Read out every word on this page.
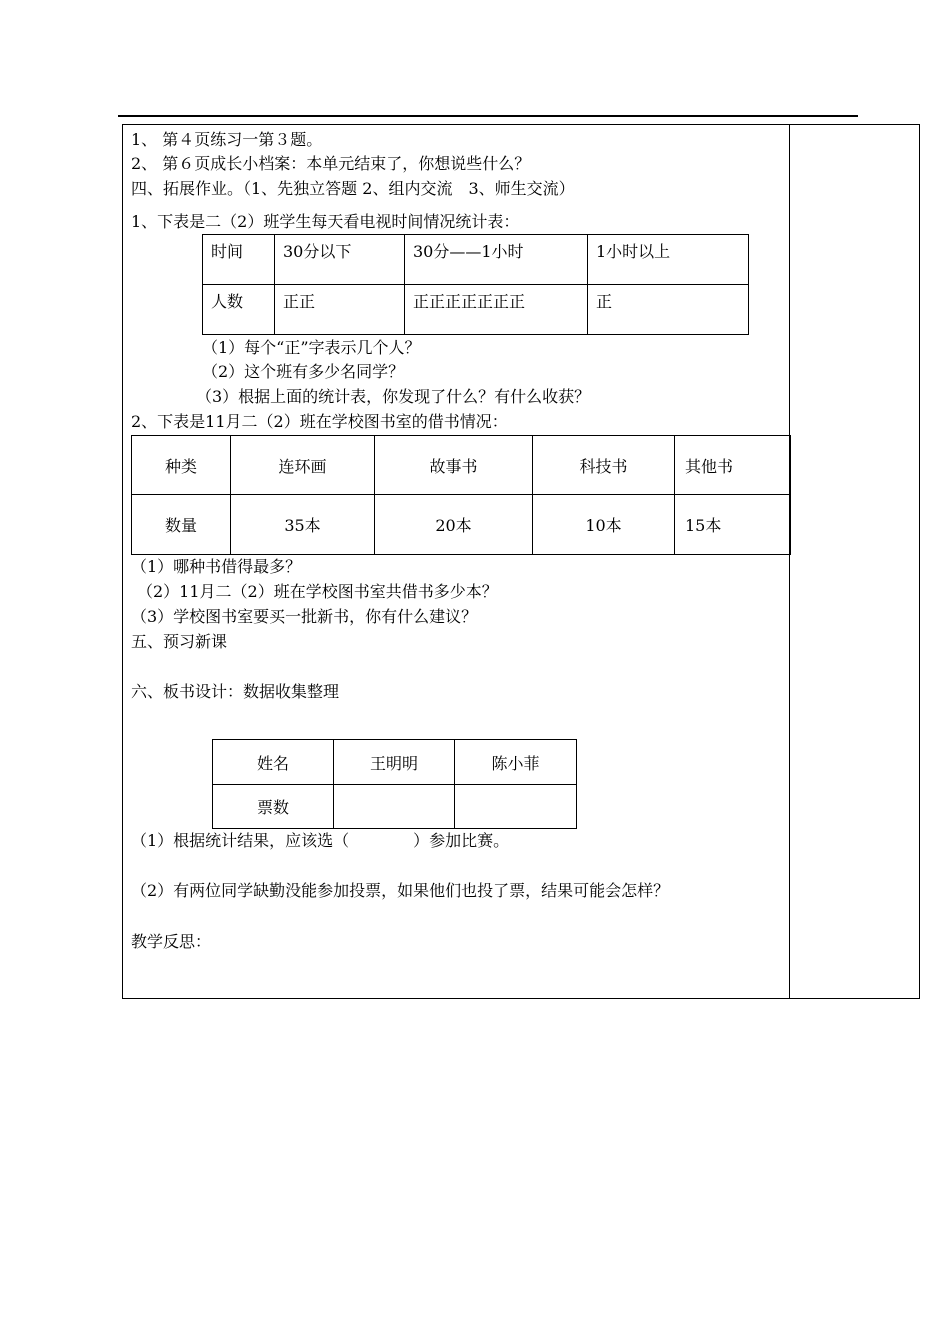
1、 第４页练习一第３题。
2、 第６页成长小档案：本单元结束了，你想说些什么？
四、拓展作业。（1、先独立答题 2、组内交流　3、师生交流）
1、下表是二（2）班学生每天看电视时间情况统计表：
时间	30分以下	30分——1小时	1小时以上
人数	正正	正正正正正正正	正
（1）每个“正”字表示几个人？
（2）这个班有多少名同学？
（3）根据上面的统计表，你发现了什么？有什么收获？
2、下表是11月二（2）班在学校图书室的借书情况：
种类	连环画	故事书	科技书	其他书
数量	35本	20本	10本	15本
（1）哪种书借得最多？
（2）11月二（2）班在学校图书室共借书多少本？
（3）学校图书室要买一批新书，你有什么建议？
五、预习新课
六、板书设计：数据收集整理
姓名	王明明	陈小菲
票数		
（1）根据统计结果，应该选（　　　　）参加比赛。
（2）有两位同学缺勤没能参加投票，如果他们也投了票，结果可能会怎样？
教学反思：
